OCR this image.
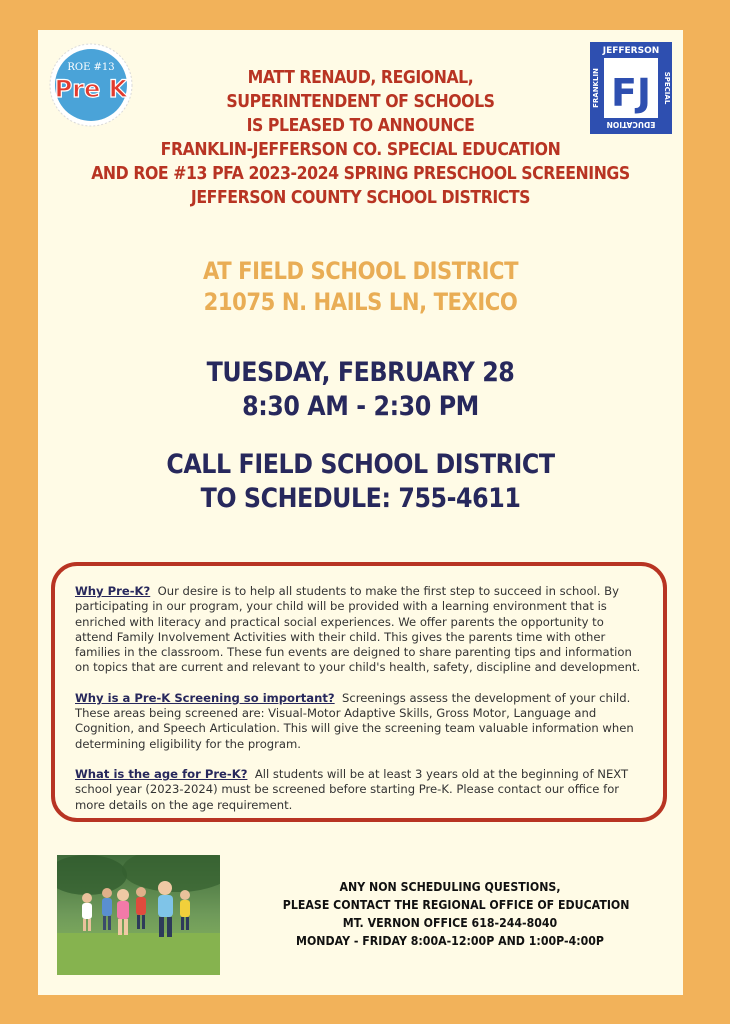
ROE #13
Pre K
JEFFERSON
EDUCATION
FRANKLIN	SPECIAL
FJ
MATT RENAUD, REGIONAL,
SUPERINTENDENT OF SCHOOLS
IS PLEASED TO ANNOUNCE
FRANKLIN-JEFFERSON CO. SPECIAL EDUCATION
AND ROE #13 PFA 2023-2024 SPRING PRESCHOOL SCREENINGS
JEFFERSON COUNTY SCHOOL DISTRICTS
AT FIELD SCHOOL DISTRICT
21075 N. HAILS LN, TEXICO
TUESDAY, FEBRUARY 28
8:30 AM - 2:30 PM
CALL FIELD SCHOOL DISTRICT
TO SCHEDULE: 755-4611

Why Pre-K? Our desire is to help all students to make the first step to succeed in school. By participating in our program, your child will be provided with a learning environment that is enriched with literacy and practical social experiences. We offer parents the opportunity to attend Family Involvement Activities with their child. This gives the parents time with other families in the classroom. These fun events are deigned to share parenting tips and information on topics that are current and relevant to your child's health, safety, discipline and development.

Why is a Pre-K Screening so important? Screenings assess the development of your child. These areas being screened are: Visual-Motor Adaptive Skills, Gross Motor, Language and Cognition, and Speech Articulation. This will give the screening team valuable information when determining eligibility for the program.

What is the age for Pre-K? All students will be at least 3 years old at the beginning of NEXT school year (2023-2024) must be screened before starting Pre-K. Please contact our office for more details on the age requirement.

ANY NON SCHEDULING QUESTIONS,
PLEASE CONTACT THE REGIONAL OFFICE OF EDUCATION
MT. VERNON OFFICE 618-244-8040
MONDAY - FRIDAY 8:00A-12:00P AND 1:00P-4:00P
